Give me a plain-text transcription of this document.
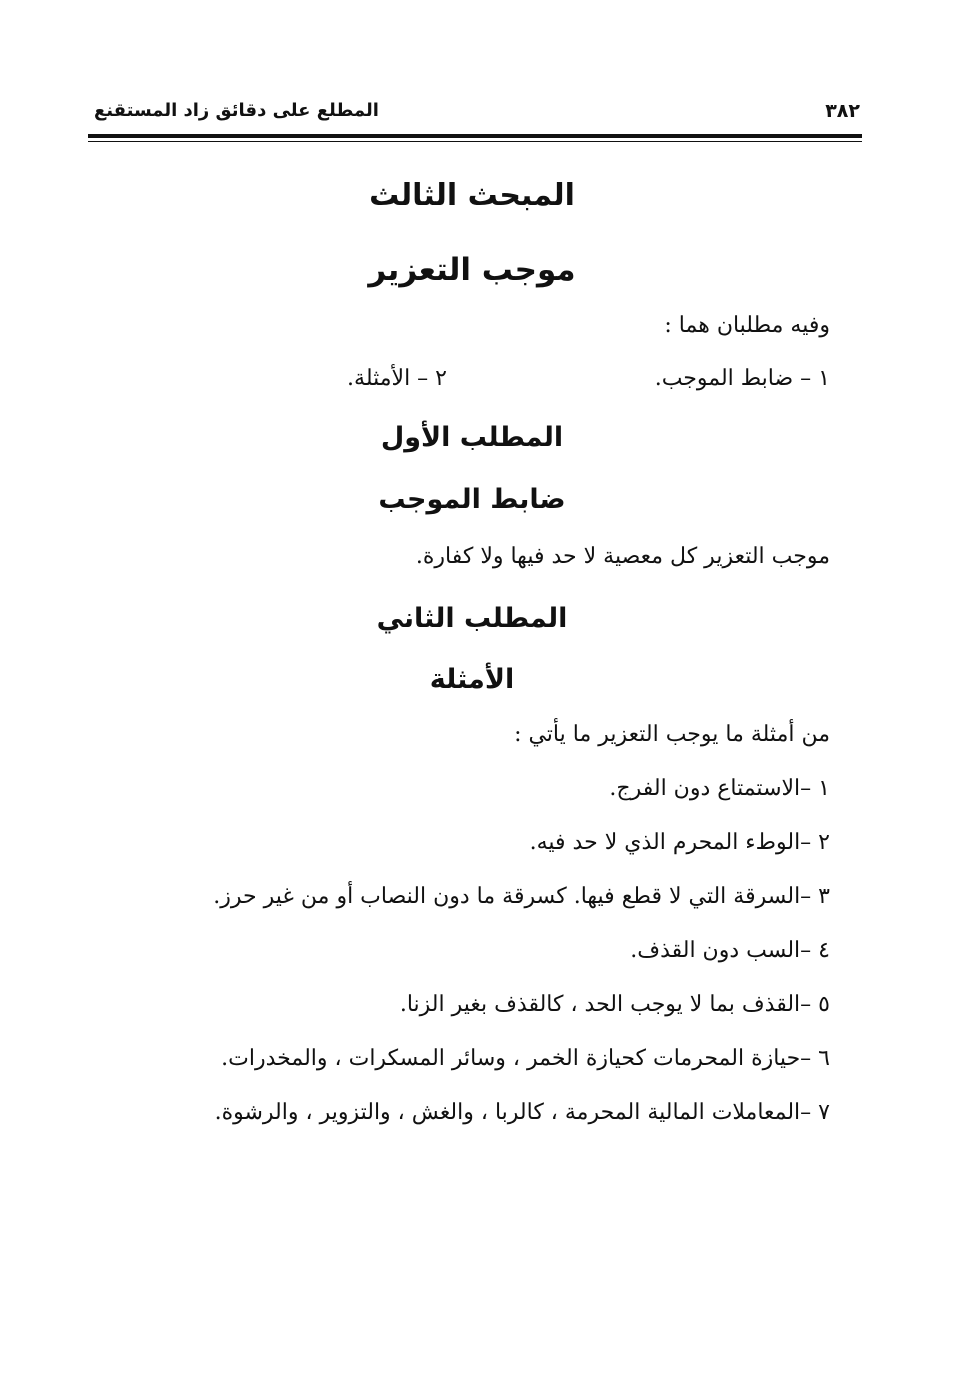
٣٨٢
المطلع على دقائق زاد المستقنع
المبحث الثالث
موجب التعزير
وفيه مطلبان هما :
١ – ضابط الموجب.
٢ – الأمثلة.
المطلب الأول
ضابط الموجب
موجب التعزير كل معصية لا حد فيها ولا كفارة.
المطلب الثاني
الأمثلة
من أمثلة ما يوجب التعزير ما يأتي :
١ –الاستمتاع دون الفرج.
٢ –الوطء المحرم الذي لا حد فيه.
٣ –السرقة التي لا قطع فيها. كسرقة ما دون النصاب أو من غير حرز.
٤ –السب دون القذف.
٥ –القذف بما لا يوجب الحد ، كالقذف بغير الزنا.
٦ –حيازة المحرمات كحيازة الخمر ، وسائر المسكرات ، والمخدرات.
٧ –المعاملات المالية المحرمة ، كالربا ، والغش ، والتزوير ، والرشوة.
